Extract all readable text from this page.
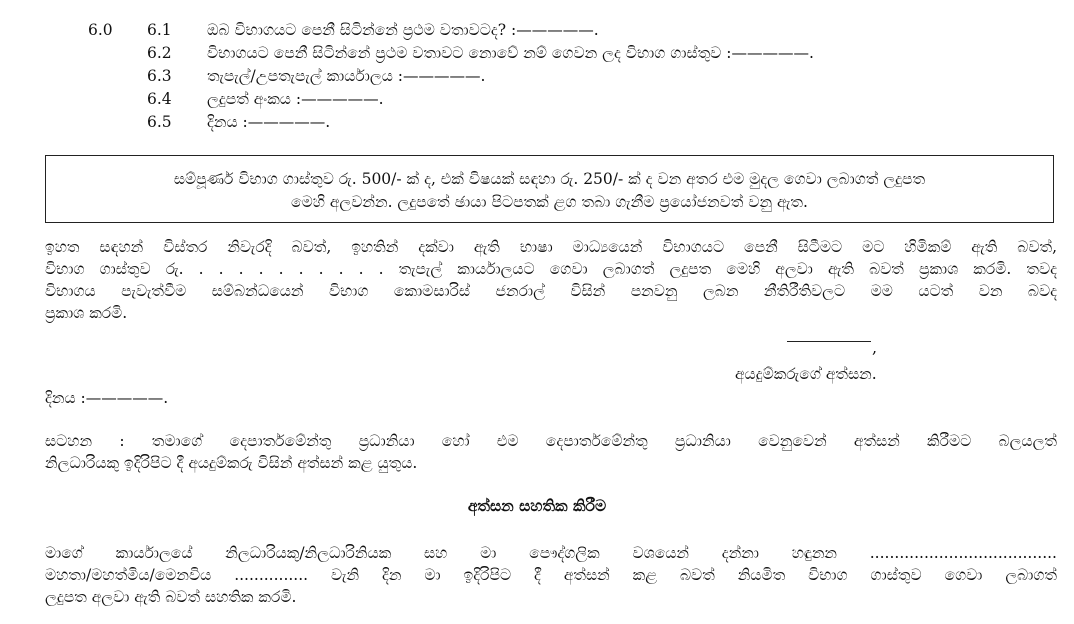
6.0 6.1 ඔබ විභාගයට පෙනී සිටින්නේ ප්‍රථම වතාවටද? :—————.
6.2 විභාගයට පෙනී සිටින්නේ ප්‍රථම වතාවට නොවේ නම් ගෙවන ලද විභාග ගාස්තුව :—————.
6.3 තැපැල්/උපතැපැල් කාර්යාලය :—————.
6.4 ලදුපත් අංකය :—————.
6.5 දිනය :—————.
සම්පූර්ණ විභාග ගාස්තුව රු. 500/- ක් ද, එක් විෂයක් සඳහා රු. 250/- ක් ද වන අතර එම මුදල ගෙවා ලබාගත් ලදුපත
මෙහි අලවන්න. ලදුපතේ ඡායා පිටපතක් ළග තබා ගැනීම ප්‍රයෝජනවත් වනු ඇත.
ඉහත සඳහන් විස්තර නිවැරදි බවත්, ඉහතින් දක්වා ඇති භාෂා මාධ්‍යයෙන් විභාගයට පෙනී සිටීමට මට හිමිකම් ඇති බවත්,
විභාග ගාස්තුව රු. . . . . . . . . . . තැපැල් කාර්යාලයට ගෙවා ලබාගත් ලදුපත මෙහි අලවා ඇති බවත් ප්‍රකාශ කරමි. තවද
විභාගය පැවැත්වීම සම්බන්ධයෙන් විභාග කොමසාරිස් ජනරාල් විසින් පනවනු ලබන නීතිරීතිවලට මම යටත් වන බවද
ප්‍රකාශ කරමි.
,
අයදුම්කරුගේ අත්සන.
දිනය :—————.
සටහන : තමාගේ දෙපාර්තමේන්තු ප්‍රධානියා හෝ එම දෙපාර්තමේන්තු ප්‍රධානියා වෙනුවෙන් අත්සන් කිරීමට බලයලත්
නිලධාරියකු ඉදිරිපිට දී අයදුම්කරු විසින් අත්සන් කළ යුතුය.
අත්සන සහතික කිරීම
මාගේ කාර්යාලයේ නිලධාරියකු/නිලධාරිනියක සහ මා පෞද්ගලික වශයෙන් දන්නා හඳුනන ......................................
මහතා/මහත්මිය/මෙනවිය ............... වැනි දින මා ඉදිරිපිට දී අත්සන් කළ බවත් නියමිත විභාග ගාස්තුව ගෙවා ලබාගත්
ලදුපත අලවා ඇති බවත් සහතික කරමි.
